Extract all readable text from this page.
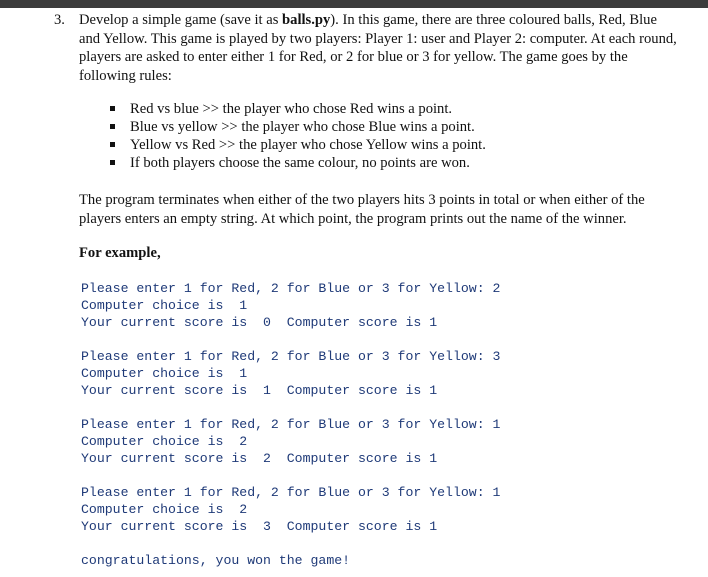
3. Develop a simple game (save it as balls.py). In this game, there are three coloured balls, Red, Blue and Yellow. This game is played by two players: Player 1: user and Player 2: computer. At each round, players are asked to enter either 1 for Red, or 2 for blue or 3 for yellow. The game goes by the following rules:
Red vs blue >> the player who chose Red wins a point.
Blue vs yellow >> the player who chose Blue wins a point.
Yellow vs Red >> the player who chose Yellow wins a point.
If both players choose the same colour, no points are won.
The program terminates when either of the two players hits 3 points in total or when either of the players enters an empty string. At which point, the program prints out the name of the winner.
For example,
Please enter 1 for Red, 2 for Blue or 3 for Yellow: 2
Computer choice is  1
Your current score is  0  Computer score is 1
Please enter 1 for Red, 2 for Blue or 3 for Yellow: 3
Computer choice is  1
Your current score is  1  Computer score is 1
Please enter 1 for Red, 2 for Blue or 3 for Yellow: 1
Computer choice is  2
Your current score is  2  Computer score is 1
Please enter 1 for Red, 2 for Blue or 3 for Yellow: 1
Computer choice is  2
Your current score is  3  Computer score is 1
congratulations, you won the game!
